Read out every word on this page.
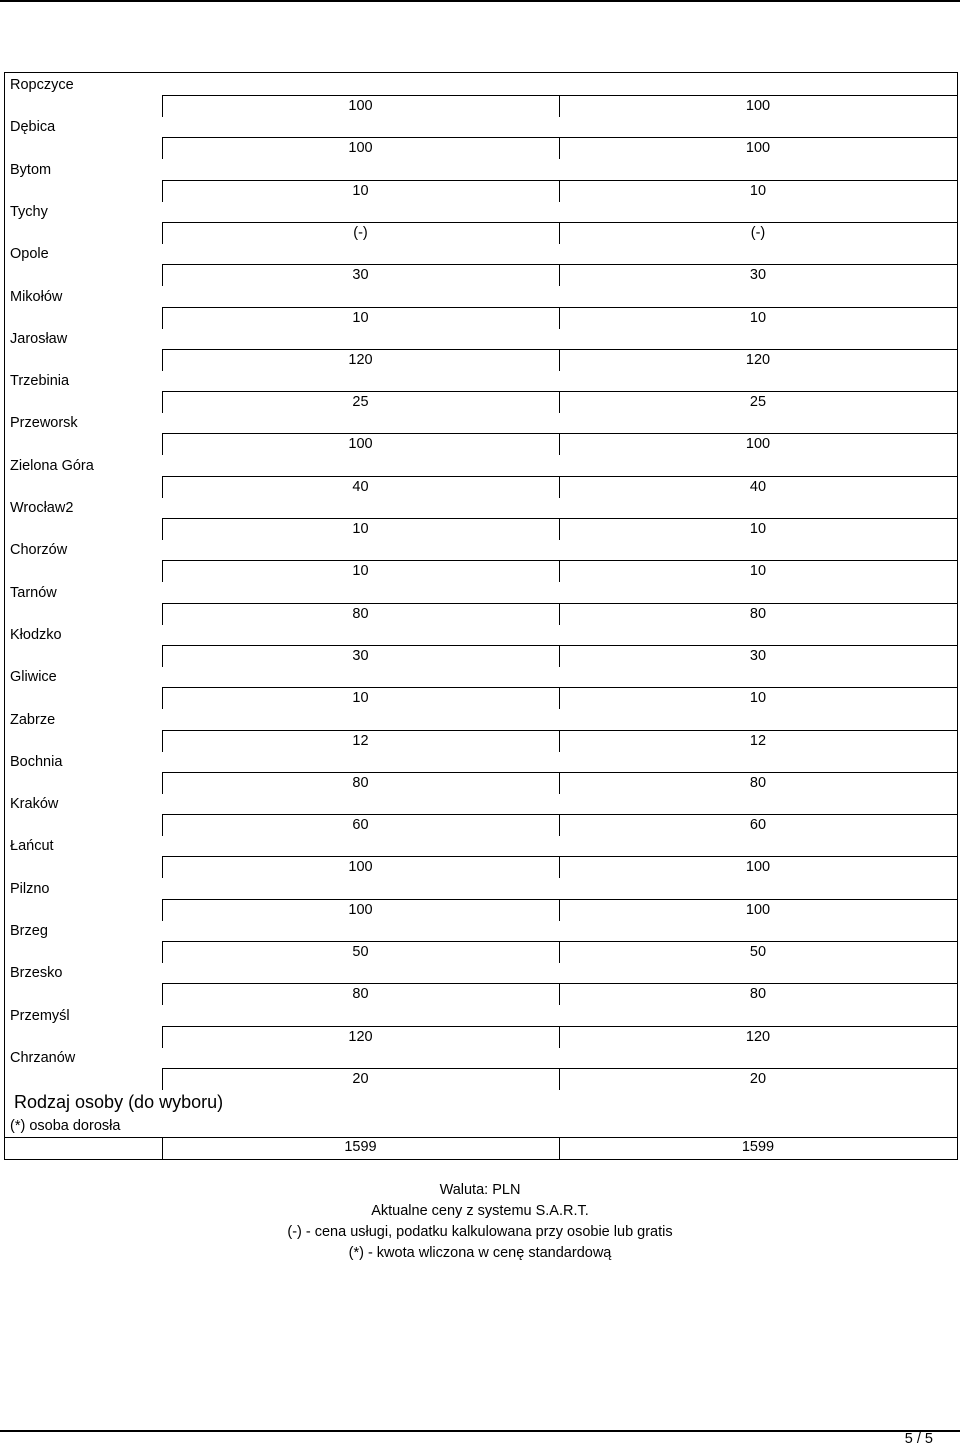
Ropczyce
100	100
Dębica
100	100
Bytom
10	10
Tychy
(-)	(-)
Opole
30	30
Mikołów
10	10
Jarosław
120	120
Trzebinia
25	25
Przeworsk
100	100
Zielona Góra
40	40
Wrocław2
10	10
Chorzów
10	10
Tarnów
80	80
Kłodzko
30	30
Gliwice
10	10
Zabrze
12	12
Bochnia
80	80
Kraków
60	60
Łańcut
100	100
Pilzno
100	100
Brzeg
50	50
Brzesko
80	80
Przemyśl
120	120
Chrzanów
20	20
Rodzaj osoby (do wyboru)
(*) osoba dorosła
1599	1599
Waluta: PLN
Aktualne ceny z systemu S.A.R.T.
(-) - cena usługi, podatku kalkulowana przy osobie lub gratis
(*) - kwota wliczona w cenę standardową
5 / 5
